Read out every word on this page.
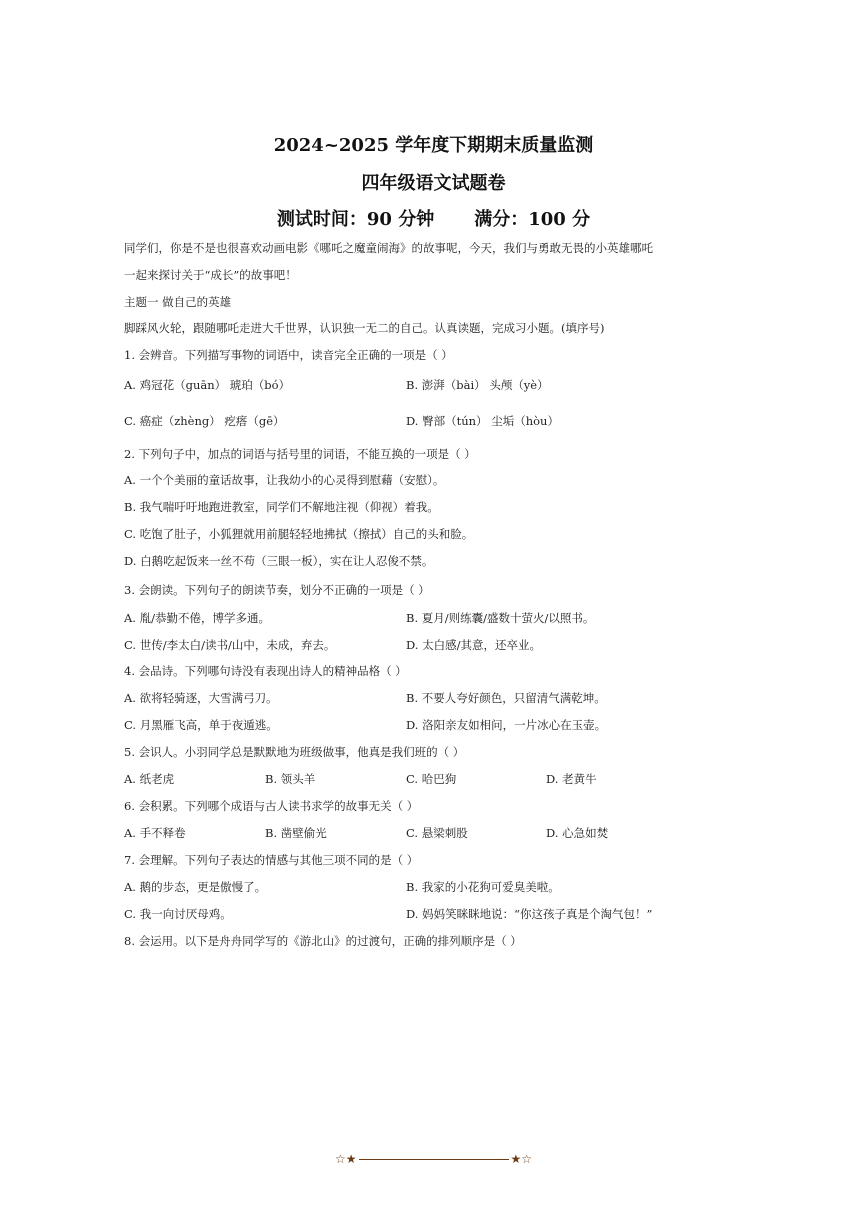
2024~2025 学年度下期期末质量监测
四年级语文试题卷
测试时间：90 分钟 满分：100 分
同学们，你是不是也很喜欢动画电影《哪吒之魔童闹海》的故事呢，今天，我们与勇敢无畏的小英雄哪吒
一起来探讨关于“成长”的故事吧！
主题一 做自己的英雄
脚踩风火轮，跟随哪吒走进大千世界，认识独一无二的自己。认真读题，完成习小题。(填序号)
1. 会辨音。下列描写事物的词语中，读音完全正确的一项是（ ）
A. 鸡冠花（guān） 琥珀（bó）	B. 澎湃（bài） 头颅（yè）
C. 癌症（zhèng） 疙瘩（gē）	D. 臀部（tún） 尘垢（hòu）
2. 下列句子中，加点的词语与括号里的词语，不能互换的一项是（ ）
A. 一个个美丽的童话故事，让我幼小的心灵得到慰藉（安慰）。
B. 我气喘吁吁地跑进教室，同学们不解地注视（仰视）着我。
C. 吃饱了肚子，小狐狸就用前腿轻轻地拂拭（擦拭）自己的头和脸。
D. 白鹅吃起饭来一丝不苟（三眼一板），实在让人忍俊不禁。
3. 会朗读。下列句子的朗读节奏，划分不正确的一项是（ ）
A. 胤/恭勤不倦，博学多通。	B. 夏月/则练囊/盛数十萤火/以照书。
C. 世传/李太白/读书/山中，未成，弃去。	D. 太白感/其意，还卒业。
4. 会品诗。下列哪句诗没有表现出诗人的精神品格（ ）
A. 欲将轻骑逐，大雪满弓刀。	B. 不要人夸好颜色，只留清气满乾坤。
C. 月黑雁飞高，单于夜遁逃。	D. 洛阳亲友如相问，一片冰心在玉壶。
5. 会识人。小羽同学总是默默地为班级做事，他真是我们班的（ ）
A. 纸老虎	B. 领头羊	C. 哈巴狗	D. 老黄牛
6. 会积累。下列哪个成语与古人读书求学的故事无关（ ）
A. 手不释卷	B. 凿壁偷光	C. 悬梁刺股	D. 心急如焚
7. 会理解。下列句子表达的情感与其他三项不同的是（ ）
A. 鹅的步态，更是傲慢了。	B. 我家的小花狗可爱臭美啦。
C. 我一向讨厌母鸡。	D. 妈妈笑眯眯地说：“你这孩子真是个淘气包！”
8. 会运用。以下是舟舟同学写的《游北山》的过渡句，正确的排列顺序是（ ）
☆★	★☆
